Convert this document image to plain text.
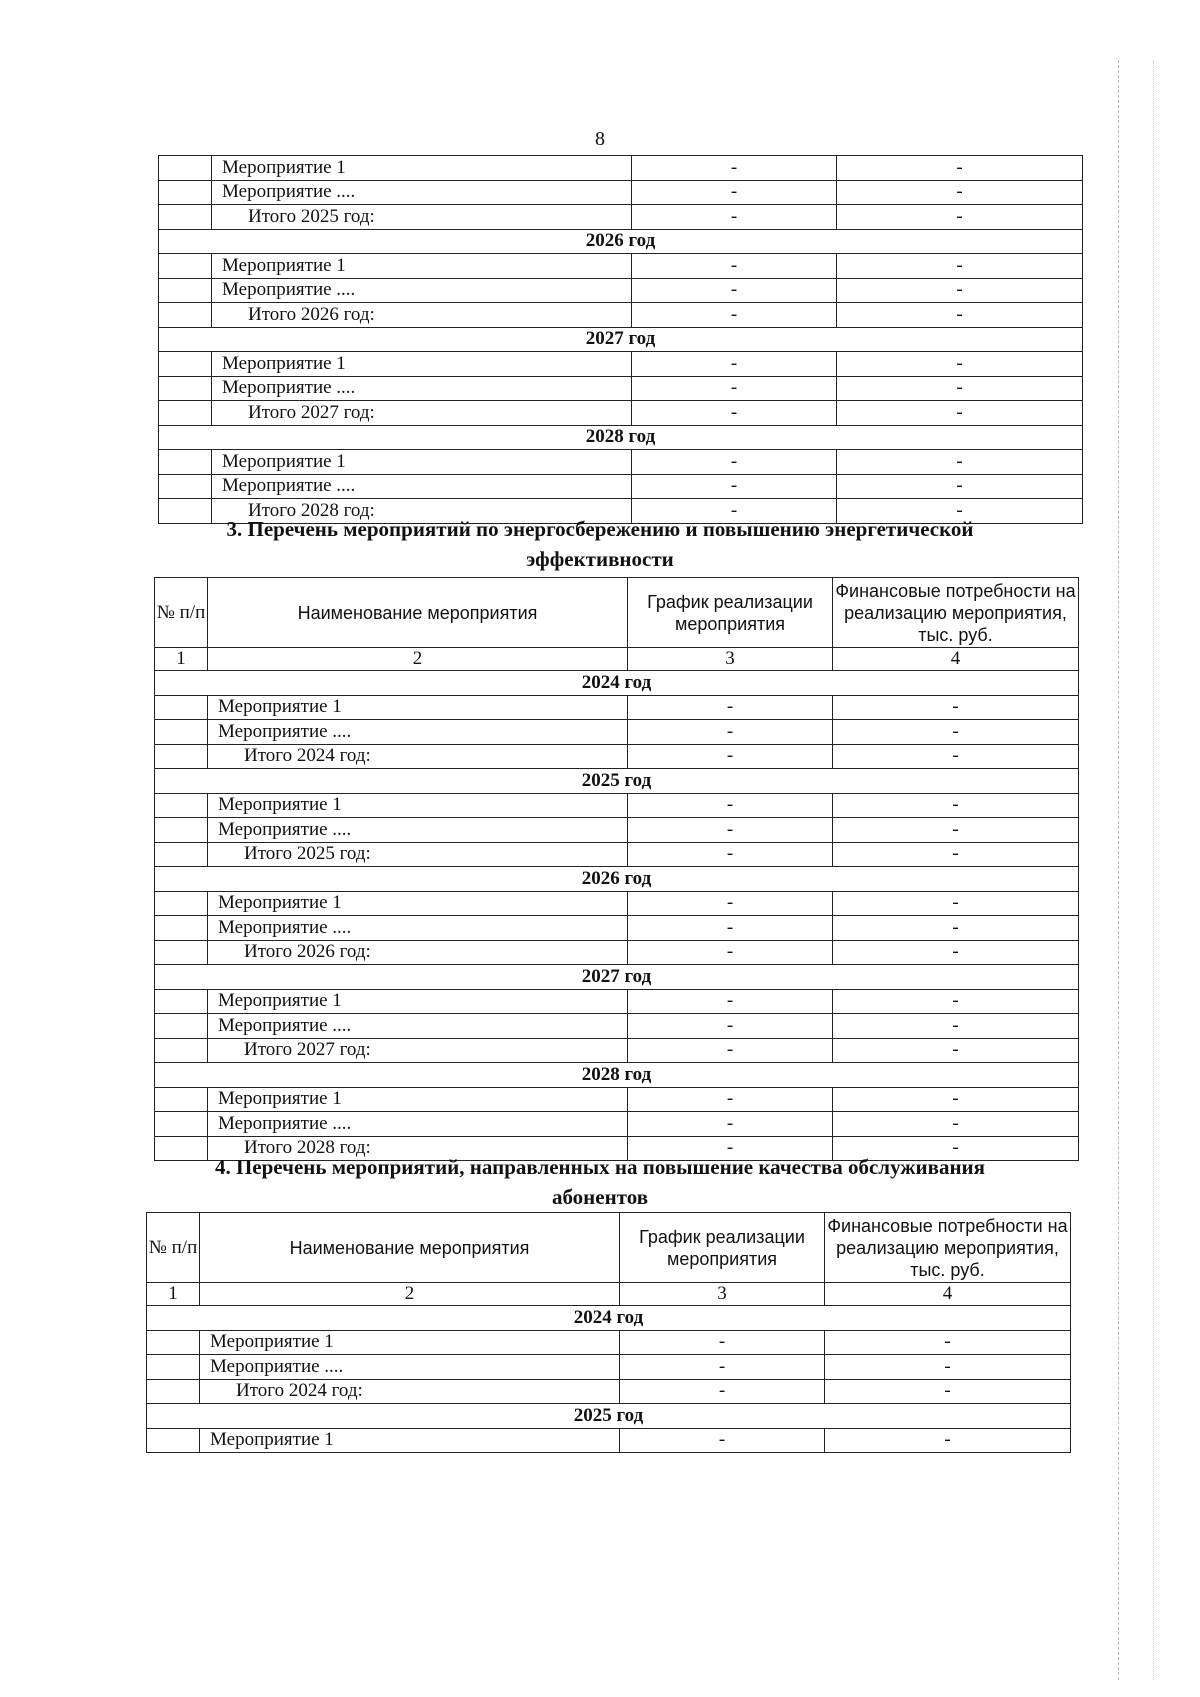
8
	Мероприятие 1	-	-
	Мероприятие ....	-	-
	Итого 2025 год:	-	-
2026 год			
	Мероприятие 1	-	-
	Мероприятие ....	-	-
	Итого 2026 год:	-	-
2027 год			
	Мероприятие 1	-	-
	Мероприятие ....	-	-
	Итого 2027 год:	-	-
2028 год			
	Мероприятие 1	-	-
	Мероприятие ....	-	-
	Итого 2028 год:	-	-
3. Перечень мероприятий по энергосбережению и повышению энергетической
эффективности
№ п/п	Наименование мероприятия	График реализации мероприятия	Финансовые потребности на реализацию мероприятия, тыс. руб.
1	2	3	4
2024 год			
	Мероприятие 1	-	-
	Мероприятие ....	-	-
	Итого 2024 год:	-	-
2025 год			
	Мероприятие 1	-	-
	Мероприятие ....	-	-
	Итого 2025 год:	-	-
2026 год			
	Мероприятие 1	-	-
	Мероприятие ....	-	-
	Итого 2026 год:	-	-
2027 год			
	Мероприятие 1	-	-
	Мероприятие ....	-	-
	Итого 2027 год:	-	-
2028 год			
	Мероприятие 1	-	-
	Мероприятие ....	-	-
	Итого 2028 год:	-	-
4. Перечень мероприятий, направленных на повышение качества обслуживания
абонентов
№ п/п	Наименование мероприятия	График реализации мероприятия	Финансовые потребности на реализацию мероприятия, тыс. руб.
1	2	3	4
2024 год			
	Мероприятие 1	-	-
	Мероприятие ....	-	-
	Итого 2024 год:	-	-
2025 год			
	Мероприятие 1	-	-
